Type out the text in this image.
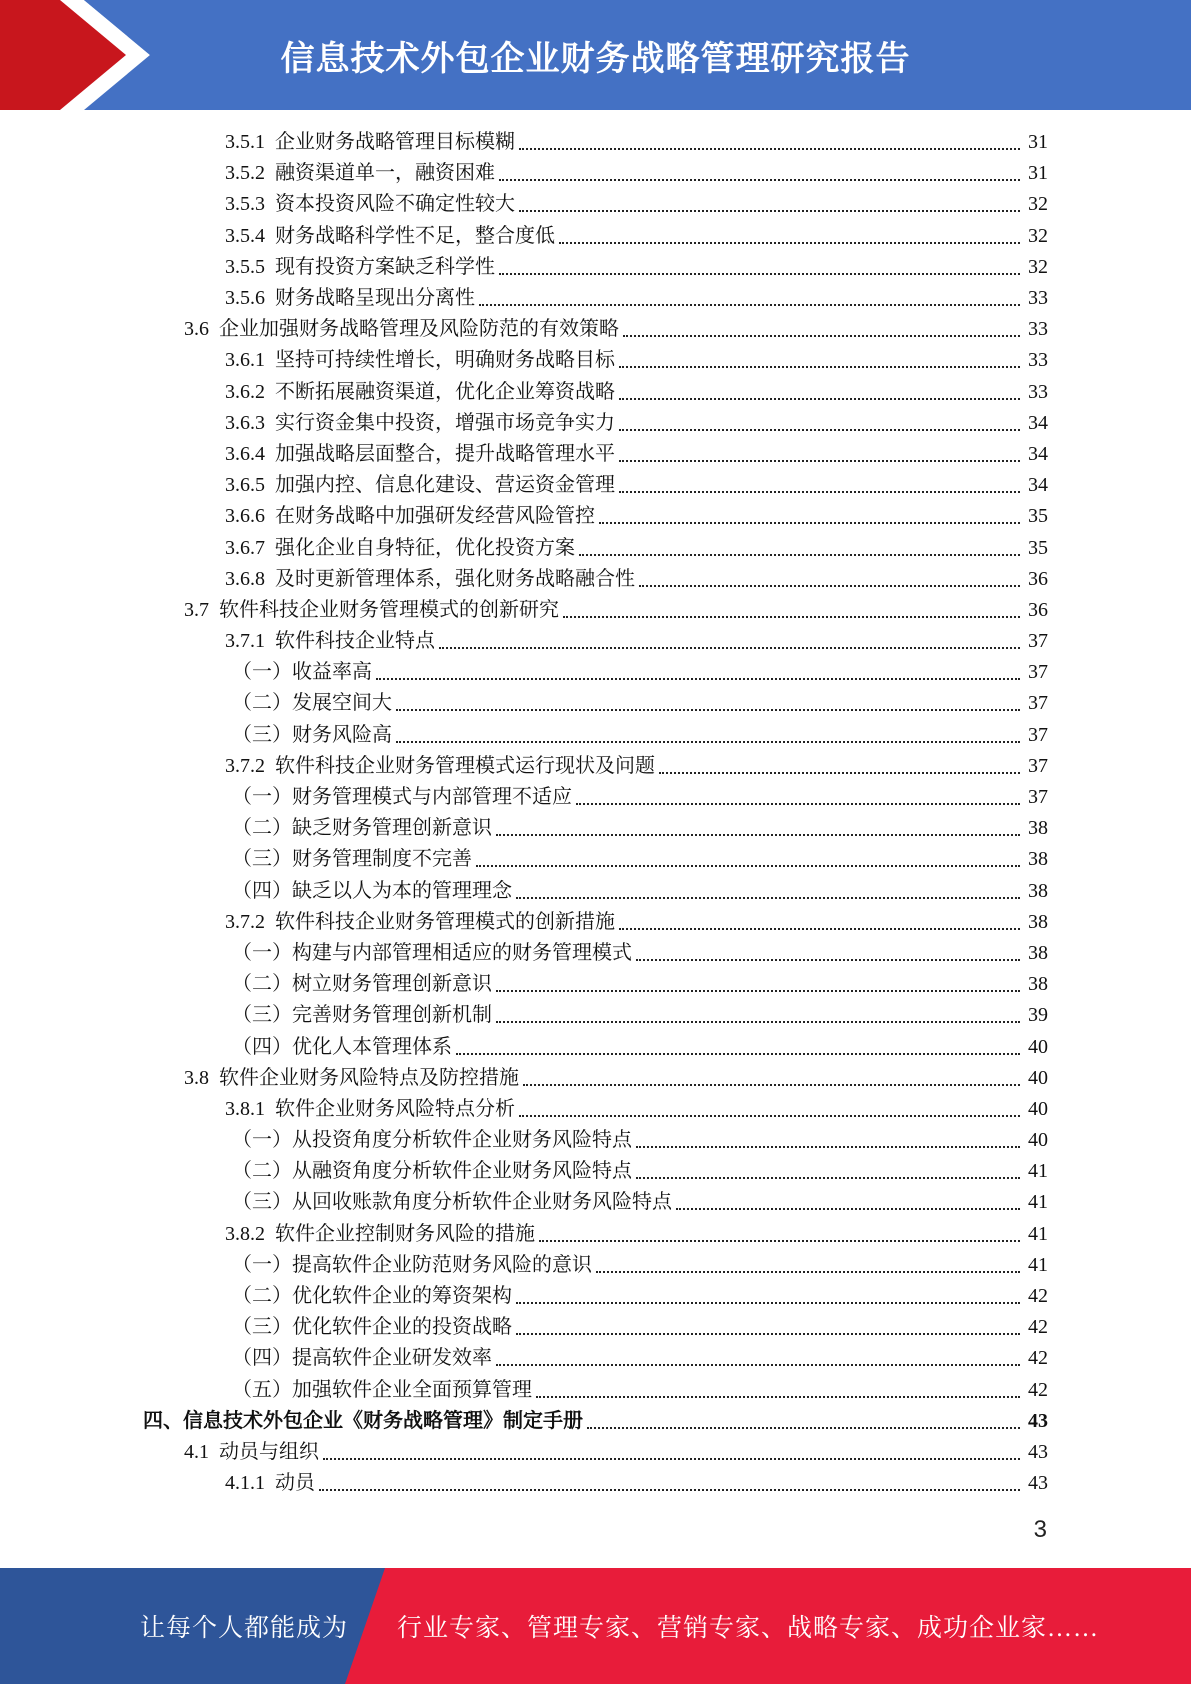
信息技术外包企业财务战略管理研究报告
3.5.1 企业财务战略管理目标模糊	31
3.5.2 融资渠道单一，融资困难	31
3.5.3 资本投资风险不确定性较大	32
3.5.4 财务战略科学性不足，整合度低	32
3.5.5 现有投资方案缺乏科学性	32
3.5.6 财务战略呈现出分离性	33
3.6 企业加强财务战略管理及风险防范的有效策略	33
3.6.1 坚持可持续性增长，明确财务战略目标	33
3.6.2 不断拓展融资渠道，优化企业筹资战略	33
3.6.3 实行资金集中投资，增强市场竞争实力	34
3.6.4 加强战略层面整合，提升战略管理水平	34
3.6.5 加强内控、信息化建设、营运资金管理	34
3.6.6 在财务战略中加强研发经营风险管控	35
3.6.7 强化企业自身特征，优化投资方案	35
3.6.8 及时更新管理体系，强化财务战略融合性	36
3.7 软件科技企业财务管理模式的创新研究	36
3.7.1 软件科技企业特点	37
（一） 收益率高	37
（二） 发展空间大	37
（三） 财务风险高	37
3.7.2 软件科技企业财务管理模式运行现状及问题	37
（一） 财务管理模式与内部管理不适应	37
（二） 缺乏财务管理创新意识	38
（三） 财务管理制度不完善	38
（四） 缺乏以人为本的管理理念	38
3.7.2 软件科技企业财务管理模式的创新措施	38
（一） 构建与内部管理相适应的财务管理模式	38
（二） 树立财务管理创新意识	38
（三） 完善财务管理创新机制	39
（四） 优化人本管理体系	40
3.8 软件企业财务风险特点及防控措施	40
3.8.1 软件企业财务风险特点分析	40
（一） 从投资角度分析软件企业财务风险特点	40
（二） 从融资角度分析软件企业财务风险特点	41
（三） 从回收账款角度分析软件企业财务风险特点	41
3.8.2 软件企业控制财务风险的措施	41
（一） 提高软件企业防范财务风险的意识	41
（二） 优化软件企业的筹资架构	42
（三） 优化软件企业的投资战略	42
（四） 提高软件企业研发效率	42
（五） 加强软件企业全面预算管理	42
四、信息技术外包企业《财务战略管理》制定手册	43
4.1 动员与组织	43
4.1.1 动员	43
3
让每个人都能成为 行业专家、管理专家、营销专家、战略专家、成功企业家……
